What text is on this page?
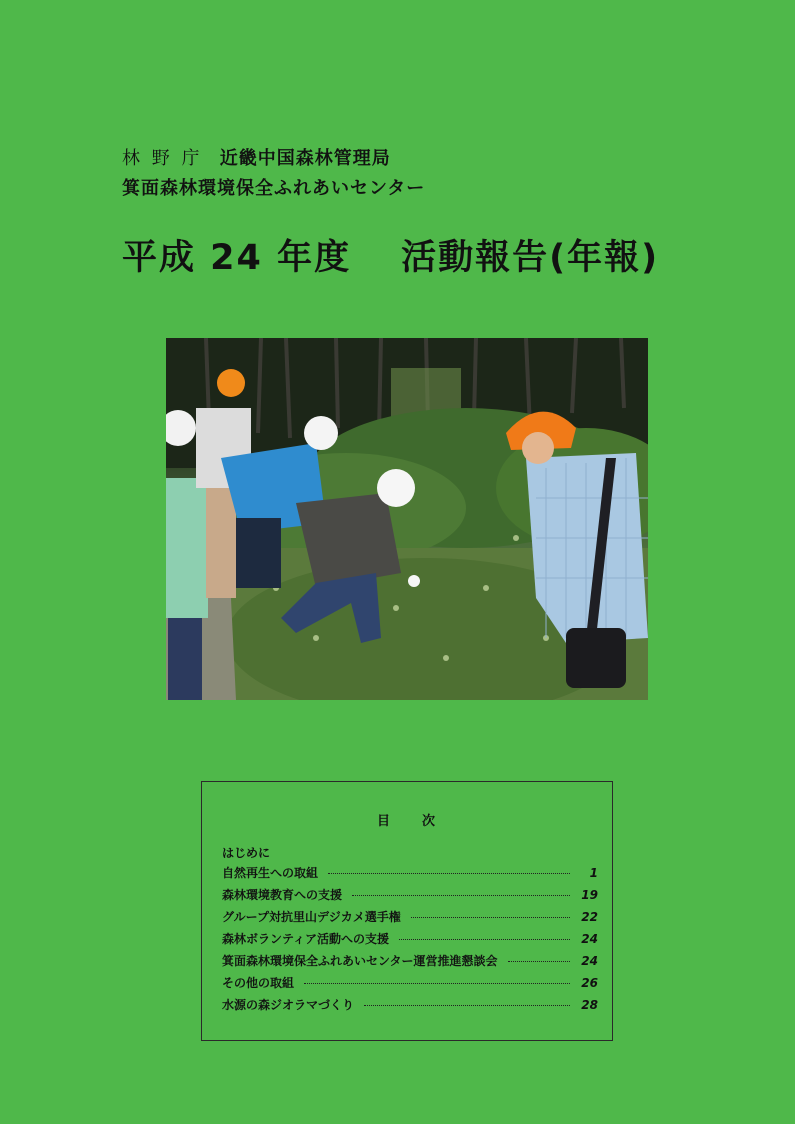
林 野 庁 近畿中国森林管理局
箕面森林環境保全ふれあいセンター
平成 24 年度 活動報告(年報)
目 次
はじめに
自然再生への取組	1
森林環境教育への支援	19
グループ対抗里山デジカメ選手権	22
森林ボランティア活動への支援	24
箕面森林環境保全ふれあいセンター運営推進懇談会	24
その他の取組	26
水源の森ジオラマづくり	28
